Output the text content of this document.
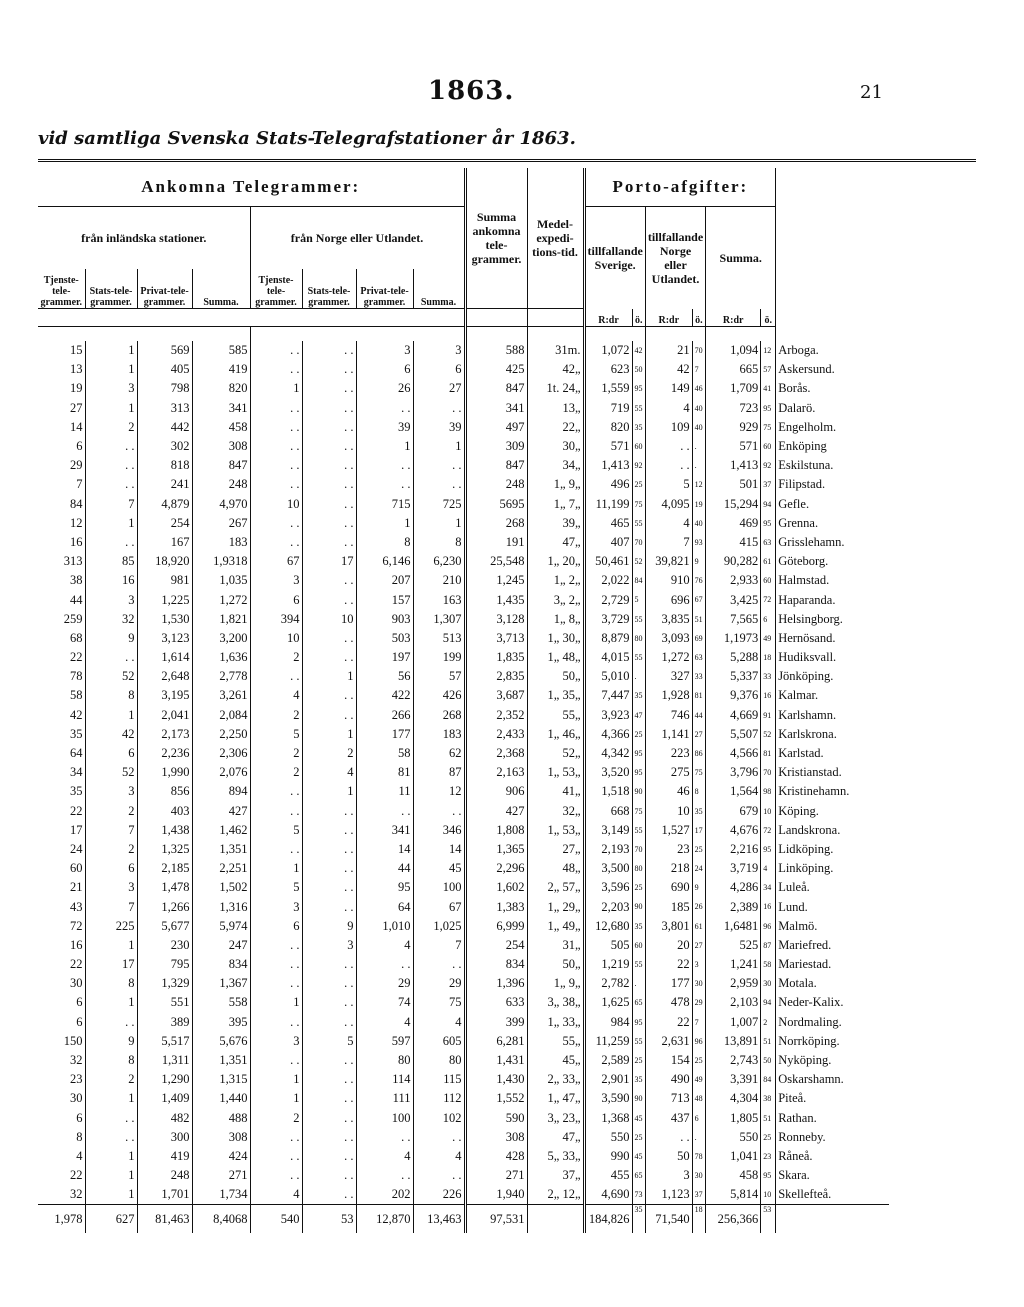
1863.	21
vid samtliga Svenska Stats-Telegrafstationer år 1863.
Ankomna Telegrammer:								Summa ankomna tele-grammer.	Medel-expedi-tions-tid.	Porto-afgifter:						
från inländska stationer.				från Norge eller Utlandet.						tillfallande Sverige.		tillfallande Norge eller Utlandet.		Summa.		
Tjenste-tele-grammer.	Stats-tele-grammer.	Privat-tele-grammer.	Summa.	Tjenste-tele-grammer.	Stats-tele-grammer.	Privat-tele-grammer.	Summa.									
										R:dr	ö.	R:dr	ö.	R:dr	ö.	

15	1	569	585	. .	. .	3	3	588	31m.	1,072	42	21	70	1,094	12	Arboga.
13	1	405	419	. .	. .	6	6	425	42„	623	50	42	7	665	57	Askersund.
19	3	798	820	1	. .	26	27	847	1t. 24„	1,559	95	149	46	1,709	41	Borås.
27	1	313	341	. .	. .	. .	. .	341	13„	719	55	4	40	723	95	Dalarö.
14	2	442	458	. .	. .	39	39	497	22„	820	35	109	40	929	75	Engelholm.
6	. .	302	308	. .	. .	1	1	309	30„	571	60	. .	.	571	60	Enköping
29	. .	818	847	. .	. .	. .	. .	847	34„	1,413	92	. .	.	1,413	92	Eskilstuna.
7	. .	241	248	. .	. .	. .	. .	248	1„ 9„	496	25	5	12	501	37	Filipstad.
84	7	4,879	4,970	10	. .	715	725	5695	1„ 7„	11,199	75	4,095	19	15,294	94	Gefle.
12	1	254	267	. .	. .	1	1	268	39„	465	55	4	40	469	95	Grenna.
16	. .	167	183	. .	. .	8	8	191	47„	407	70	7	93	415	63	Grisslehamn.
313	85	18,920	1,9318	67	17	6,146	6,230	25,548	1„ 20„	50,461	52	39,821	9	90,282	61	Göteborg.
38	16	981	1,035	3	. .	207	210	1,245	1„ 2„	2,022	84	910	76	2,933	60	Halmstad.
44	3	1,225	1,272	6	. .	157	163	1,435	3„ 2„	2,729	5	696	67	3,425	72	Haparanda.
259	32	1,530	1,821	394	10	903	1,307	3,128	1„ 8„	3,729	55	3,835	51	7,565	6	Helsingborg.
68	9	3,123	3,200	10	. .	503	513	3,713	1„ 30„	8,879	80	3,093	69	1,1973	49	Hernösand.
22	. .	1,614	1,636	2	. .	197	199	1,835	1„ 48„	4,015	55	1,272	63	5,288	18	Hudiksvall.
78	52	2,648	2,778	. .	1	56	57	2,835	50„	5,010	.	327	33	5,337	33	Jönköping.
58	8	3,195	3,261	4	. .	422	426	3,687	1„ 35„	7,447	35	1,928	81	9,376	16	Kalmar.
42	1	2,041	2,084	2	. .	266	268	2,352	55„	3,923	47	746	44	4,669	91	Karlshamn.
35	42	2,173	2,250	5	1	177	183	2,433	1„ 46„	4,366	25	1,141	27	5,507	52	Karlskrona.
64	6	2,236	2,306	2	2	58	62	2,368	52„	4,342	95	223	86	4,566	81	Karlstad.
34	52	1,990	2,076	2	4	81	87	2,163	1„ 53„	3,520	95	275	75	3,796	70	Kristianstad.
35	3	856	894	. .	1	11	12	906	41„	1,518	90	46	8	1,564	98	Kristinehamn.
22	2	403	427	. .	. .	. .	. .	427	32„	668	75	10	35	679	10	Köping.
17	7	1,438	1,462	5	. .	341	346	1,808	1„ 53„	3,149	55	1,527	17	4,676	72	Landskrona.
24	2	1,325	1,351	. .	. .	14	14	1,365	27„	2,193	70	23	25	2,216	95	Lidköping.
60	6	2,185	2,251	1	. .	44	45	2,296	48„	3,500	80	218	24	3,719	4	Linköping.
21	3	1,478	1,502	5	. .	95	100	1,602	2„ 57„	3,596	25	690	9	4,286	34	Luleå.
43	7	1,266	1,316	3	. .	64	67	1,383	1„ 29„	2,203	90	185	26	2,389	16	Lund.
72	225	5,677	5,974	6	9	1,010	1,025	6,999	1„ 49„	12,680	35	3,801	61	1,6481	96	Malmö.
16	1	230	247	. .	3	4	7	254	31„	505	60	20	27	525	87	Mariefred.
22	17	795	834	. .	. .	. .	. .	834	50„	1,219	55	22	3	1,241	58	Mariestad.
30	8	1,329	1,367	. .	. .	29	29	1,396	1„ 9„	2,782	.	177	30	2,959	30	Motala.
6	1	551	558	1	. .	74	75	633	3„ 38„	1,625	65	478	29	2,103	94	Neder-Kalix.
6	. .	389	395	. .	. .	4	4	399	1„ 33„	984	95	22	7	1,007	2	Nordmaling.
150	9	5,517	5,676	3	5	597	605	6,281	55„	11,259	55	2,631	96	13,891	51	Norrköping.
32	8	1,311	1,351	. .	. .	80	80	1,431	45„	2,589	25	154	25	2,743	50	Nyköping.
23	2	1,290	1,315	1	. .	114	115	1,430	2„ 33„	2,901	35	490	49	3,391	84	Oskarshamn.
30	1	1,409	1,440	1	. .	111	112	1,552	1„ 47„	3,590	90	713	48	4,304	38	Piteå.
6	. .	482	488	2	. .	100	102	590	3„ 23„	1,368	45	437	6	1,805	51	Rathan.
8	. .	300	308	. .	. .	. .	. .	308	47„	550	25	. .	.	550	25	Ronneby.
4	1	419	424	. .	. .	4	4	428	5„ 33„	990	45	50	78	1,041	23	Råneå.
22	1	248	271	. .	. .	. .	. .	271	37„	455	65	3	30	458	95	Skara.
32	1	1,701	1,734	4	. .	202	226	1,940	2„ 12„	4,690	73	1,123	37	5,814	10	Skellefteå.
1,978	627	81,463	8,4068	540	53	12,870	13,463	97,531		184,826	35	71,540	18	256,366	53	
